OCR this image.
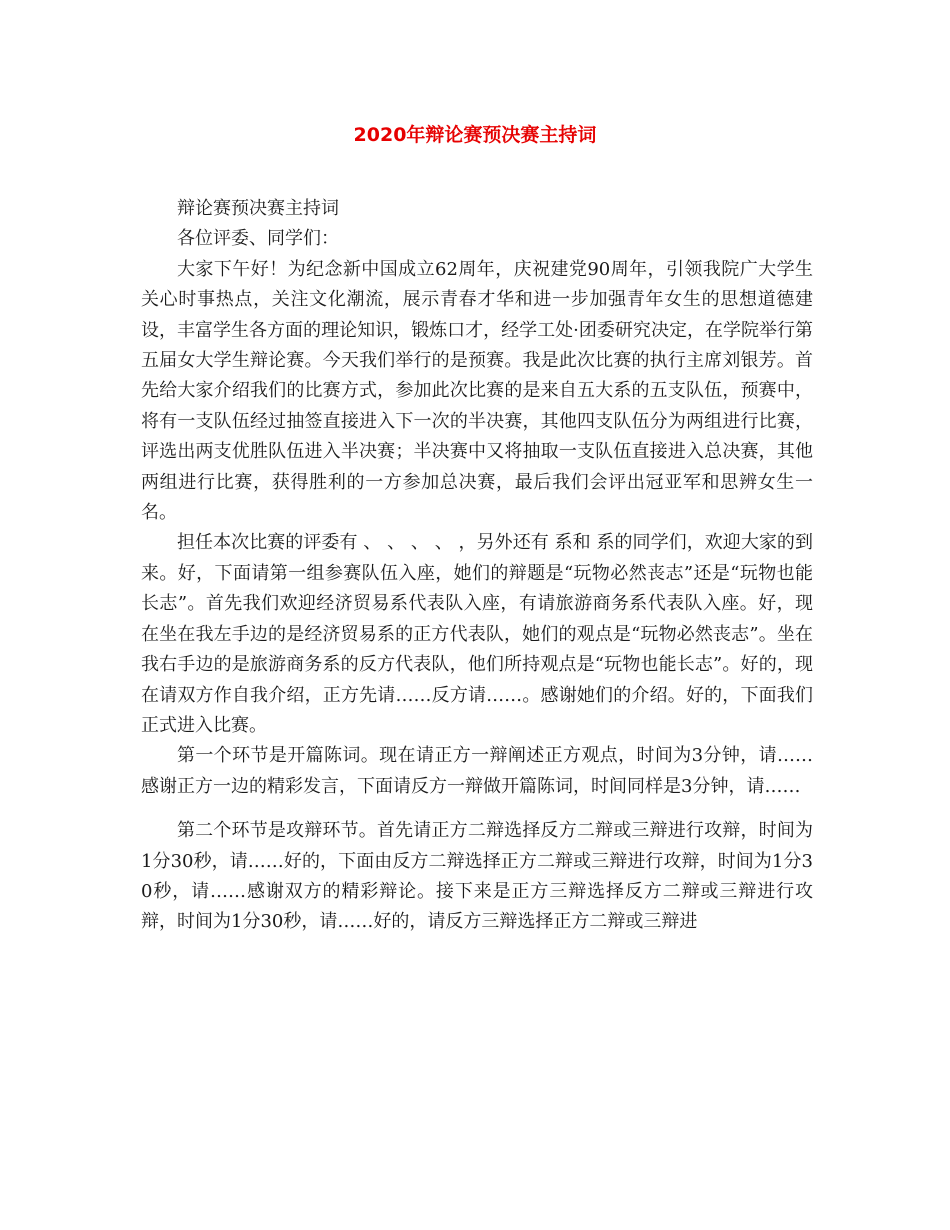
2020年辩论赛预决赛主持词

辩论赛预决赛主持词

各位评委、同学们：

大家下午好！为纪念新中国成立62周年，庆祝建党90周年，引领我院广大学生关心时事热点，关注文化潮流，展示青春才华和进一步加强青年女生的思想道德建设，丰富学生各方面的理论知识，锻炼口才，经学工处·团委研究决定，在学院举行第五届女大学生辩论赛。今天我们举行的是预赛。我是此次比赛的执行主席刘银芳。首先给大家介绍我们的比赛方式，参加此次比赛的是来自五大系的五支队伍，预赛中，将有一支队伍经过抽签直接进入下一次的半决赛，其他四支队伍分为两组进行比赛，评选出两支优胜队伍进入半决赛；半决赛中又将抽取一支队伍直接进入总决赛，其他两组进行比赛，获得胜利的一方参加总决赛，最后我们会评出冠亚军和思辨女生一名。

担任本次比赛的评委有 、 、 、 、 ，另外还有 系和 系的同学们，欢迎大家的到来。好，下面请第一组参赛队伍入座，她们的辩题是“玩物必然丧志”还是“玩物也能长志”。首先我们欢迎经济贸易系代表队入座，有请旅游商务系代表队入座。好，现在坐在我左手边的是经济贸易系的正方代表队，她们的观点是“玩物必然丧志”。坐在我右手边的是旅游商务系的反方代表队，他们所持观点是“玩物也能长志”。好的，现在请双方作自我介绍，正方先请……反方请……。感谢她们的介绍。好的，下面我们正式进入比赛。

第一个环节是开篇陈词。现在请正方一辩阐述正方观点，时间为3分钟，请……感谢正方一边的精彩发言，下面请反方一辩做开篇陈词，时间同样是3分钟，请……

第二个环节是攻辩环节。首先请正方二辩选择反方二辩或三辩进行攻辩，时间为1分30秒，请……好的，下面由反方二辩选择正方二辩或三辩进行攻辩，时间为1分30秒，请……感谢双方的精彩辩论。接下来是正方三辩选择反方二辩或三辩进行攻辩，时间为1分30秒，请……好的，请反方三辩选择正方二辩或三辩进
